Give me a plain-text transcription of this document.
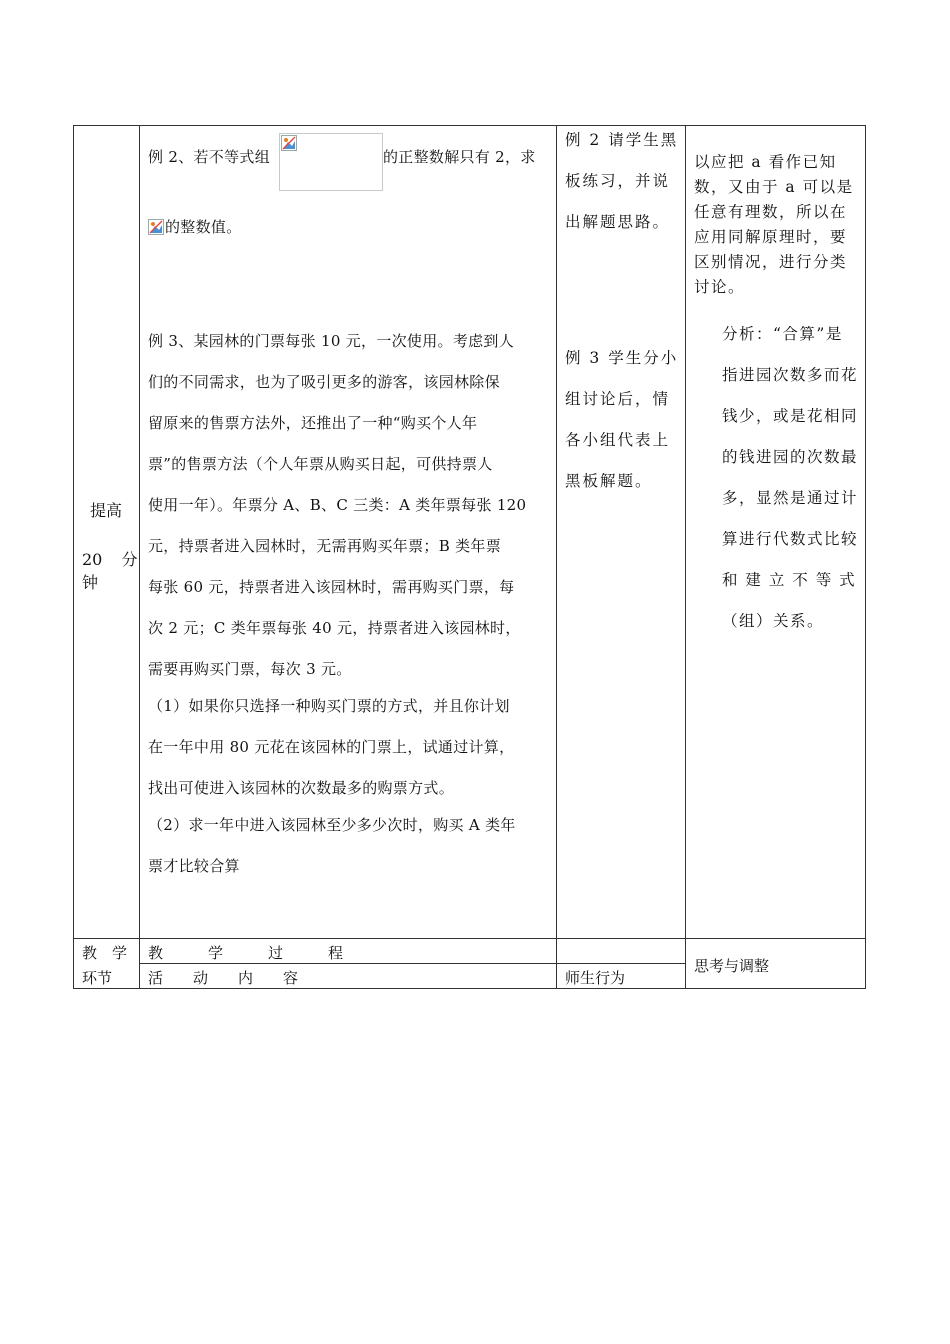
提高
20 分
钟
例 2、若不等式组	的正整数解只有 2，求
的整数值。
例 3、某园林的门票每张 10 元，一次使用。考虑到人
们的不同需求，也为了吸引更多的游客，该园林除保
留原来的售票方法外，还推出了一种“购买个人年
票”的售票方法（个人年票从购买日起，可供持票人
使用一年）。年票分 A、B、C 三类：A 类年票每张 120
元，持票者进入园林时，无需再购买年票；B 类年票
每张 60 元，持票者进入该园林时，需再购买门票，每
次 2 元；C 类年票每张 40 元，持票者进入该园林时，
需要再购买门票，每次 3 元。
（1）如果你只选择一种购买门票的方式，并且你计划
在一年中用 80 元花在该园林的门票上，试通过计算，
找出可使进入该园林的次数最多的购票方式。
（2）求一年中进入该园林至少多少次时，购买 A 类年
票才比较合算
例 2 请学生黑
板练习，并说
出解题思路。
例 3 学生分小
组讨论后，情
各小组代表上
黑板解题。
以应把 a 看作已知
数，又由于 a 可以是
任意有理数，所以在
应用同解原理时，要
区别情况，进行分类
讨论。
分析：“合算”是
指进园次数多而花
钱少，或是花相同
的钱进园的次数最
多，显然是通过计
算进行代数式比较
和 建 立 不 等 式
（组）关系。
教　学
环节
教　　　学　　　过　　　程
活　　动　　内　　容	师生行为
思考与调整
